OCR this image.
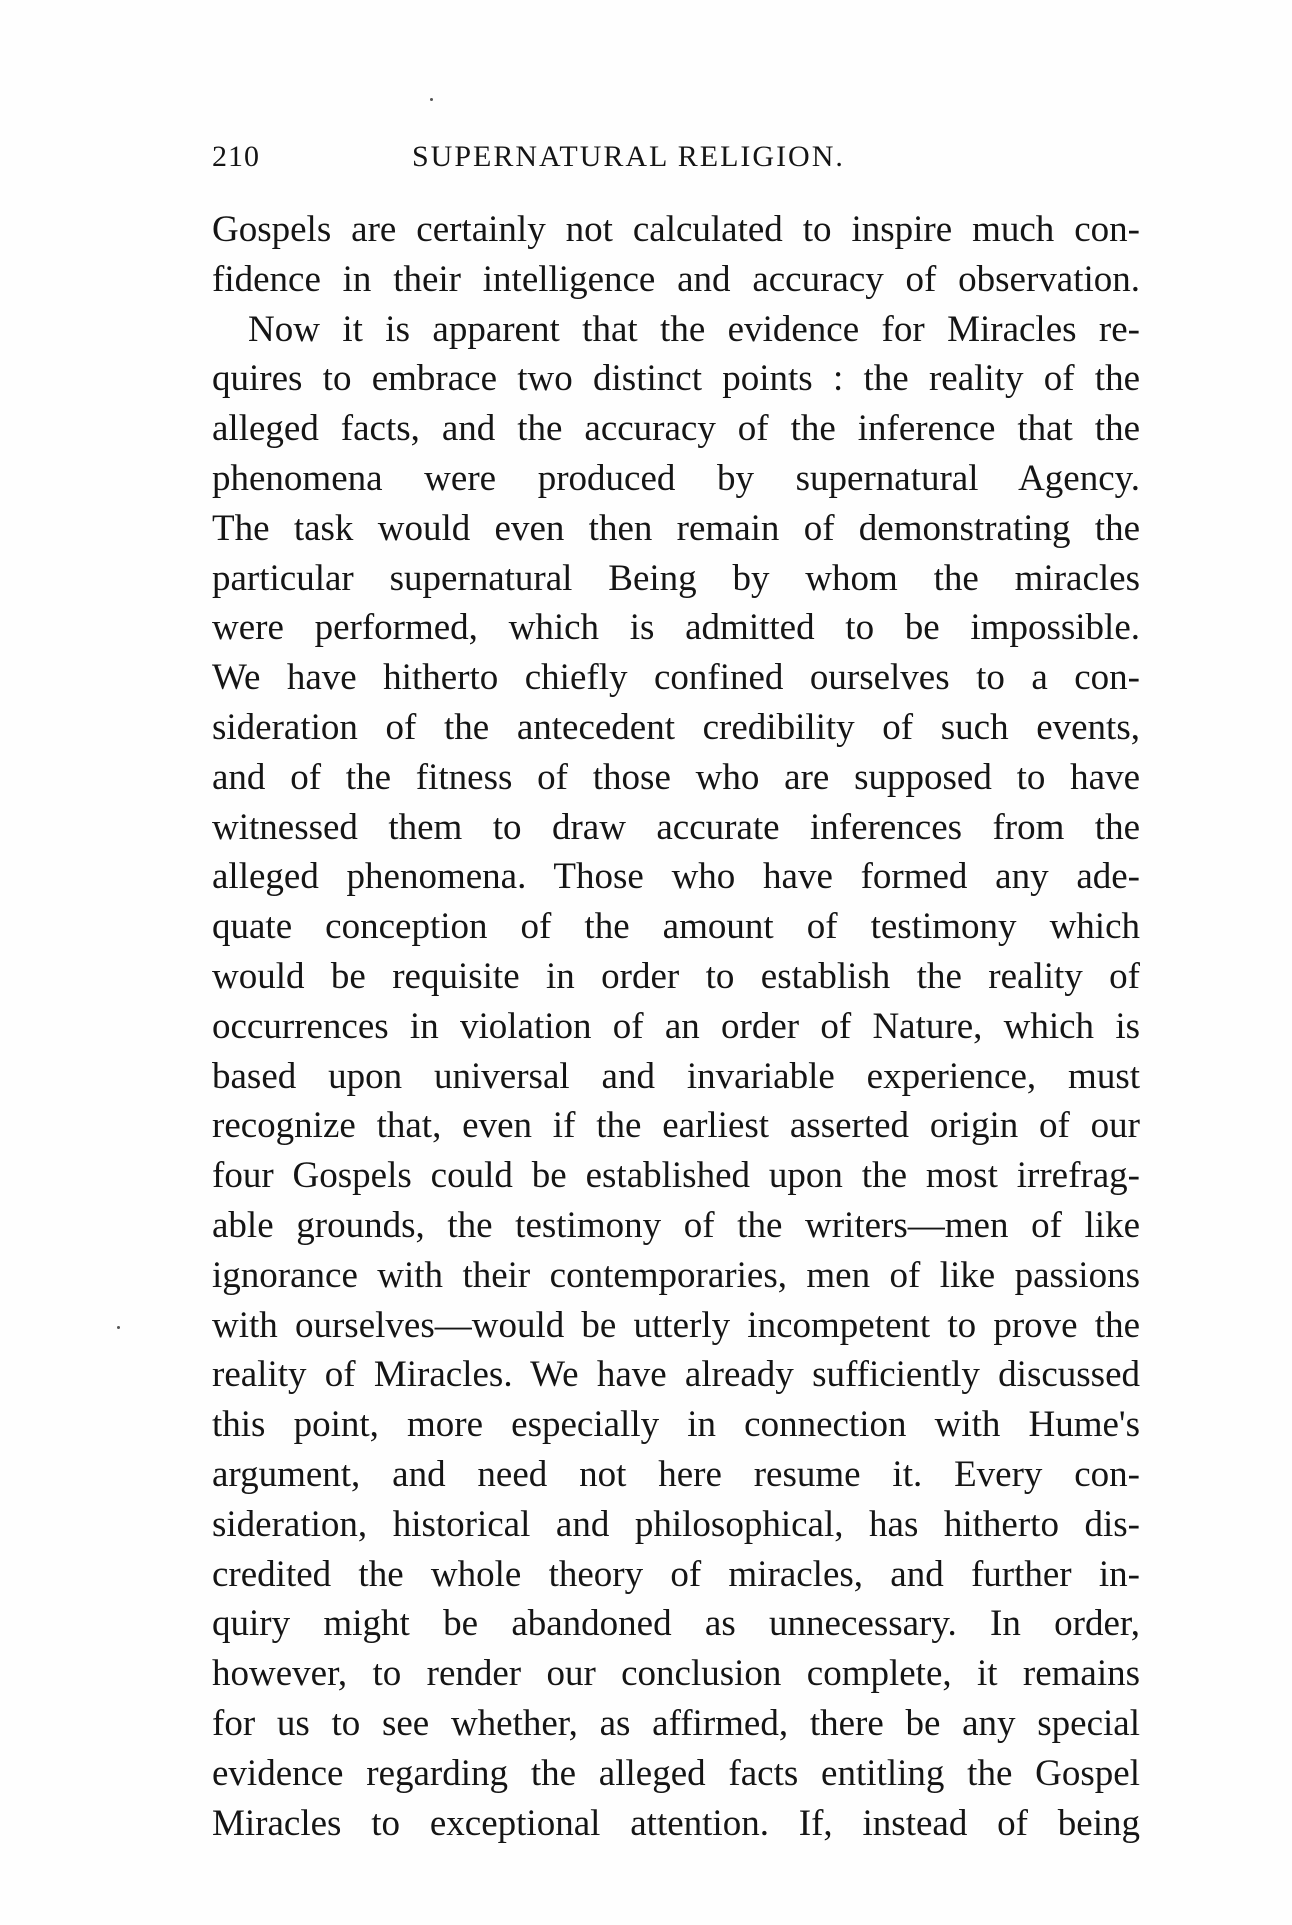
210	SUPERNATURAL RELIGION.
Gospels are certainly not calculated to inspire much con-
fidence in their intelligence and accuracy of observation.
Now it is apparent that the evidence for Miracles re-
quires to embrace two distinct points : the reality of the
alleged facts, and the accuracy of the inference that the
phenomena were produced by supernatural Agency.
The task would even then remain of demonstrating the
particular supernatural Being by whom the miracles
were performed, which is admitted to be impossible.
We have hitherto chiefly confined ourselves to a con-
sideration of the antecedent credibility of such events,
and of the fitness of those who are supposed to have
witnessed them to draw accurate inferences from the
alleged phenomena. Those who have formed any ade-
quate conception of the amount of testimony which
would be requisite in order to establish the reality of
occurrences in violation of an order of Nature, which is
based upon universal and invariable experience, must
recognize that, even if the earliest asserted origin of our
four Gospels could be established upon the most irrefrag-
able grounds, the testimony of the writers—men of like
ignorance with their contemporaries, men of like passions
with ourselves—would be utterly incompetent to prove the
reality of Miracles. We have already sufficiently discussed
this point, more especially in connection with Hume's
argument, and need not here resume it. Every con-
sideration, historical and philosophical, has hitherto dis-
credited the whole theory of miracles, and further in-
quiry might be abandoned as unnecessary. In order,
however, to render our conclusion complete, it remains
for us to see whether, as affirmed, there be any special
evidence regarding the alleged facts entitling the Gospel
Miracles to exceptional attention. If, instead of being
